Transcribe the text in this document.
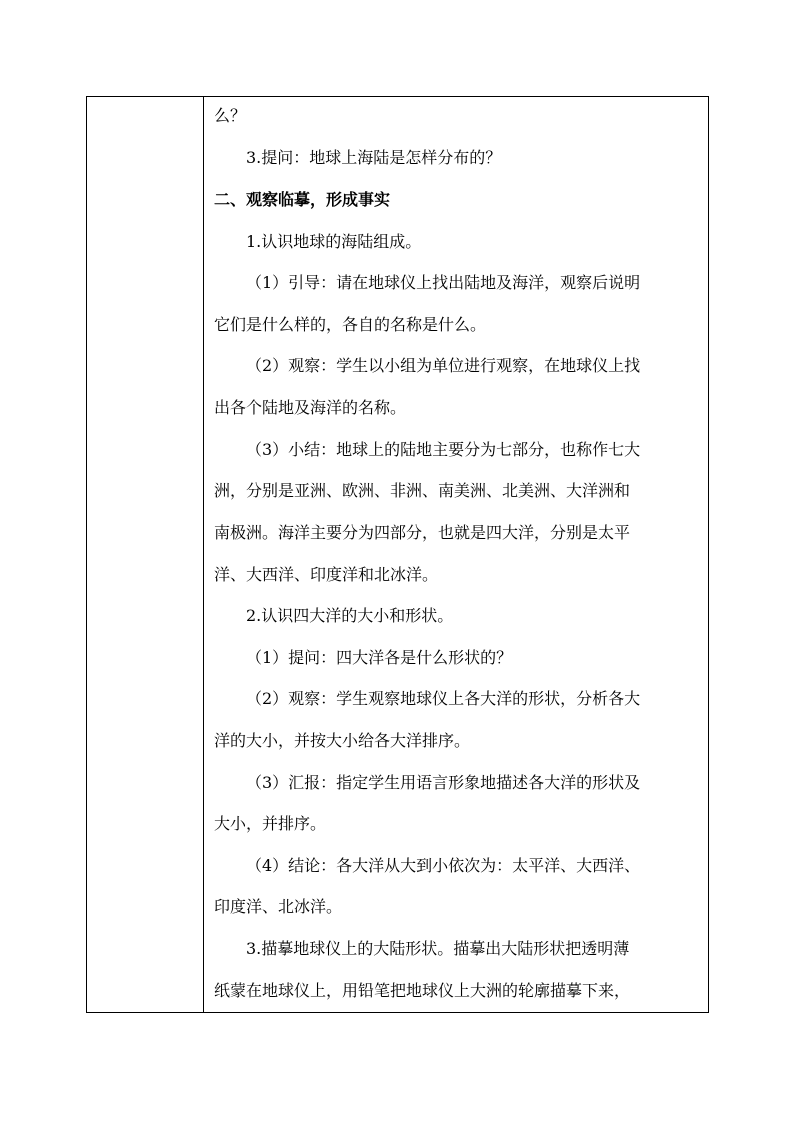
么？
3.提问：地球上海陆是怎样分布的？
二、观察临摹，形成事实
1.认识地球的海陆组成。
（1）引导：请在地球仪上找出陆地及海洋，观察后说明
它们是什么样的，各自的名称是什么。
（2）观察：学生以小组为单位进行观察，在地球仪上找
出各个陆地及海洋的名称。
（3）小结：地球上的陆地主要分为七部分，也称作七大
洲，分别是亚洲、欧洲、非洲、南美洲、北美洲、大洋洲和
南极洲。海洋主要分为四部分，也就是四大洋，分别是太平
洋、大西洋、印度洋和北冰洋。
2.认识四大洋的大小和形状。
（1）提问：四大洋各是什么形状的？
（2）观察：学生观察地球仪上各大洋的形状，分析各大
洋的大小，并按大小给各大洋排序。
（3）汇报：指定学生用语言形象地描述各大洋的形状及
大小，并排序。
（4）结论：各大洋从大到小依次为：太平洋、大西洋、
印度洋、北冰洋。
3.描摹地球仪上的大陆形状。描摹出大陆形状把透明薄
纸蒙在地球仪上，用铅笔把地球仪上大洲的轮廓描摹下来，
